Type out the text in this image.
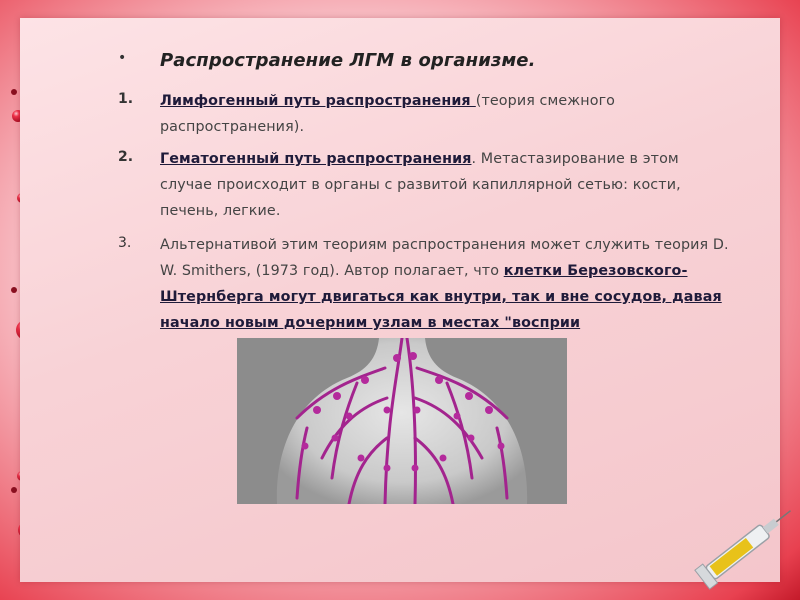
• Распространение ЛГМ в организме.
1. Лимфогенный путь распространения (теория смежного распространения).
2. Гематогенный путь распространения. Метастазирование в этом случае происходит в органы с развитой капиллярной сетью: кости, печень, легкие.
3. Альтернативой этим теориям распространения может служить теория D. W. Smithers, (1973 год). Автор полагает, что клетки Березовского-Штернберга могут двигаться как внутри, так и вне сосудов, давая начало новым дочерним узлам в местах "восприи
